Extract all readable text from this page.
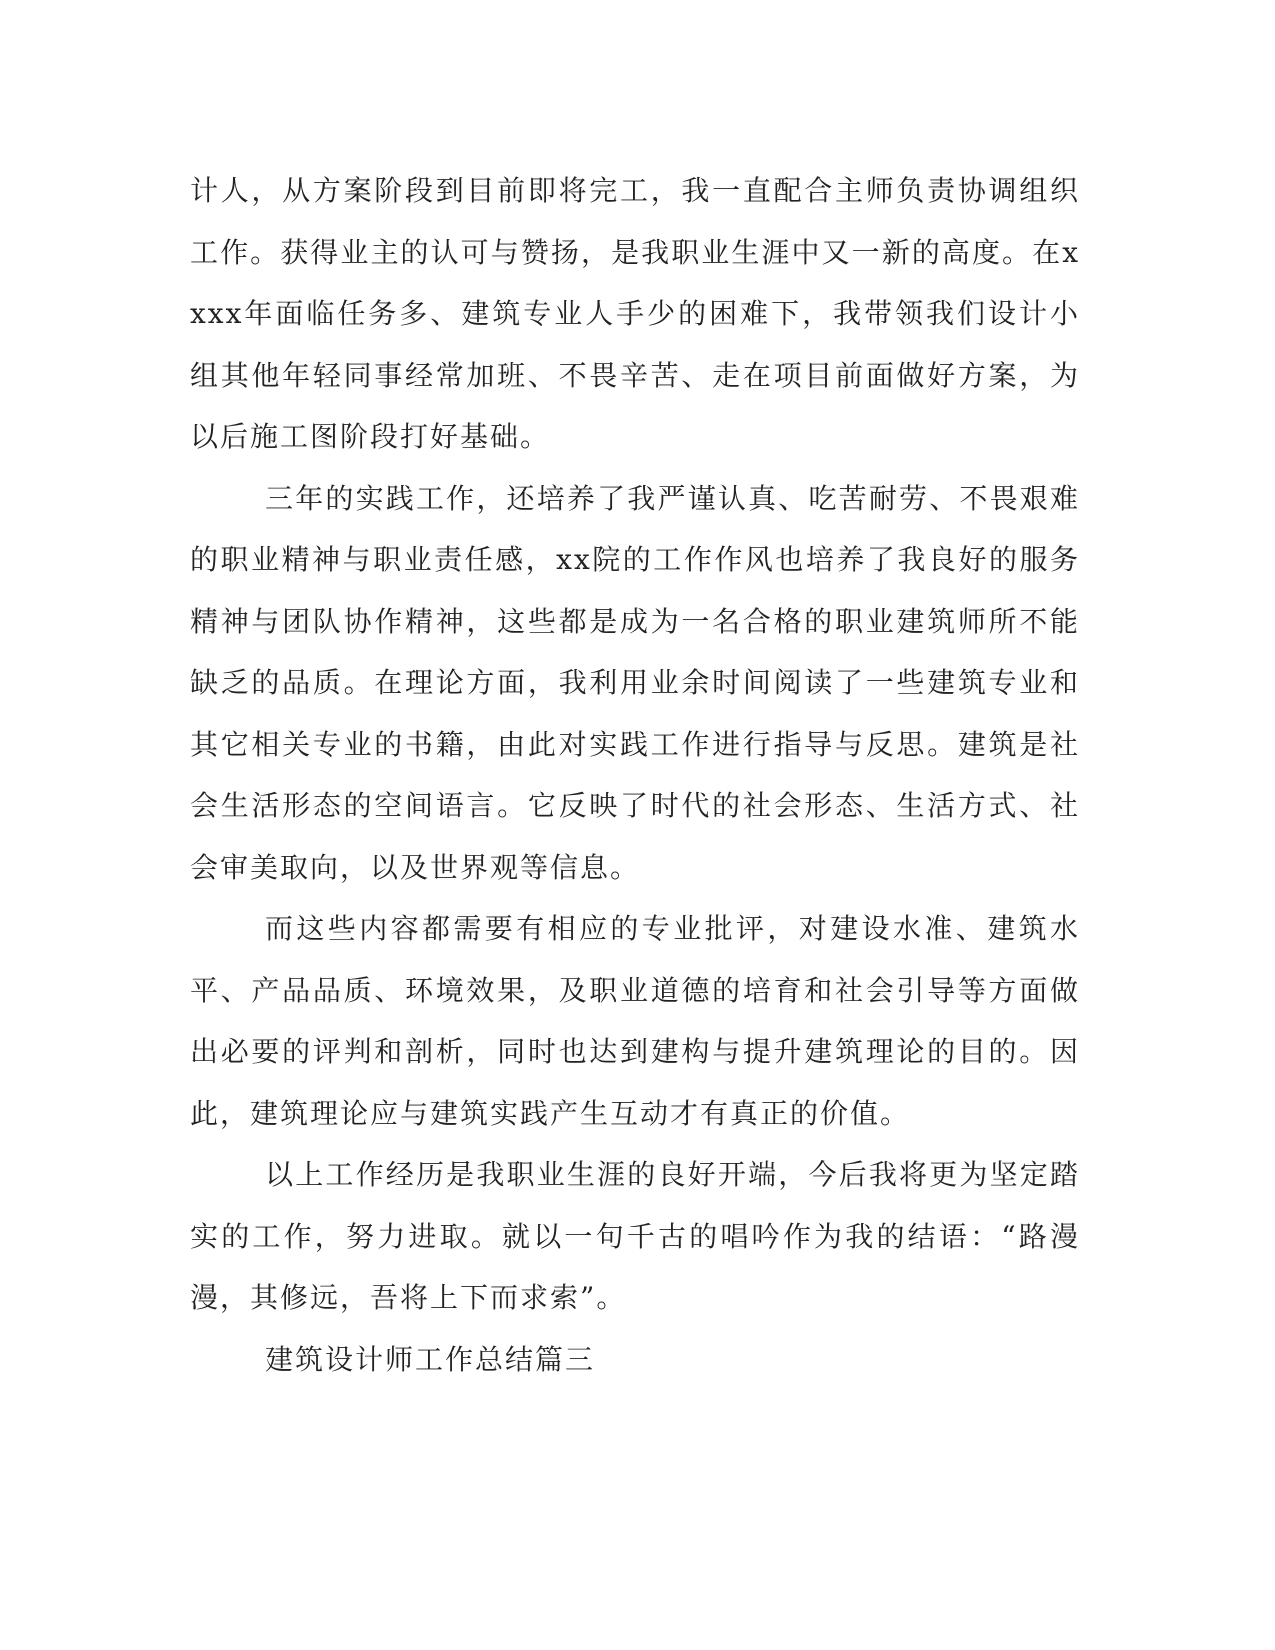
计人，从方案阶段到目前即将完工，我一直配合主师负责协调组织工作。获得业主的认可与赞扬，是我职业生涯中又一新的高度。在xxxx年面临任务多、建筑专业人手少的困难下，我带领我们设计小组其他年轻同事经常加班、不畏辛苦、走在项目前面做好方案，为以后施工图阶段打好基础。

三年的实践工作，还培养了我严谨认真、吃苦耐劳、不畏艰难的职业精神与职业责任感，xx院的工作作风也培养了我良好的服务精神与团队协作精神，这些都是成为一名合格的职业建筑师所不能缺乏的品质。在理论方面，我利用业余时间阅读了一些建筑专业和其它相关专业的书籍，由此对实践工作进行指导与反思。建筑是社会生活形态的空间语言。它反映了时代的社会形态、生活方式、社会审美取向，以及世界观等信息。

而这些内容都需要有相应的专业批评，对建设水准、建筑水平、产品品质、环境效果，及职业道德的培育和社会引导等方面做出必要的评判和剖析，同时也达到建构与提升建筑理论的目的。因此，建筑理论应与建筑实践产生互动才有真正的价值。

以上工作经历是我职业生涯的良好开端，今后我将更为坚定踏实的工作，努力进取。就以一句千古的唱吟作为我的结语：“路漫漫，其修远，吾将上下而求索”。

建筑设计师工作总结篇三
